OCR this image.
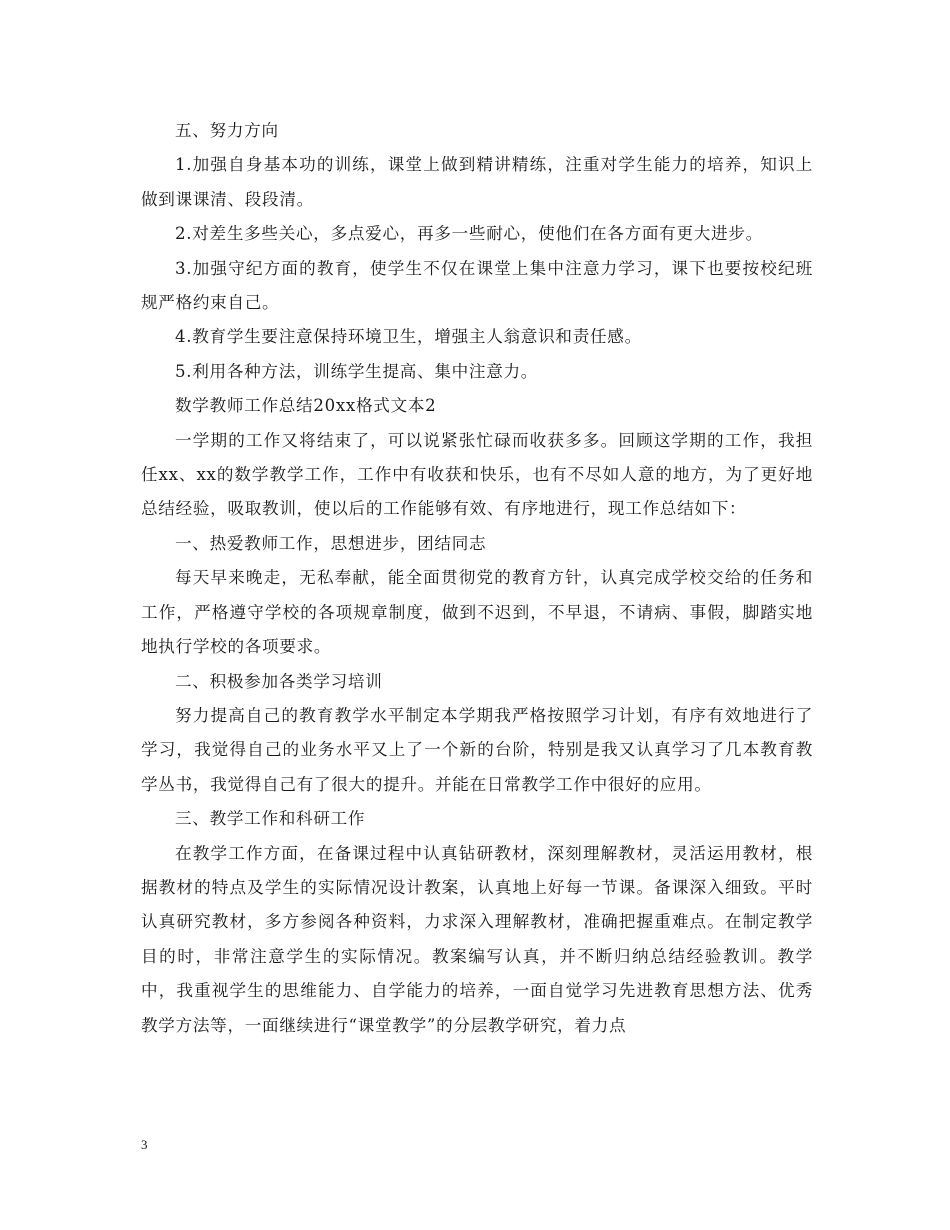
五、努力方向

1.加强自身基本功的训练，课堂上做到精讲精练，注重对学生能力的培养，知识上做到课课清、段段清。

2.对差生多些关心，多点爱心，再多一些耐心，使他们在各方面有更大进步。

3.加强守纪方面的教育，使学生不仅在课堂上集中注意力学习，课下也要按校纪班规严格约束自己。

4.教育学生要注意保持环境卫生，增强主人翁意识和责任感。

5.利用各种方法，训练学生提高、集中注意力。

数学教师工作总结20xx格式文本2

一学期的工作又将结束了，可以说紧张忙碌而收获多多。回顾这学期的工作，我担任xx、xx的数学教学工作，工作中有收获和快乐，也有不尽如人意的地方，为了更好地总结经验，吸取教训，使以后的工作能够有效、有序地进行，现工作总结如下：

一、热爱教师工作，思想进步，团结同志

每天早来晚走，无私奉献，能全面贯彻党的教育方针，认真完成学校交给的任务和工作，严格遵守学校的各项规章制度，做到不迟到，不早退，不请病、事假，脚踏实地地执行学校的各项要求。

二、积极参加各类学习培训

努力提高自己的教育教学水平制定本学期我严格按照学习计划，有序有效地进行了学习，我觉得自己的业务水平又上了一个新的台阶，特别是我又认真学习了几本教育教学丛书，我觉得自己有了很大的提升。并能在日常教学工作中很好的应用。

三、教学工作和科研工作

在教学工作方面，在备课过程中认真钻研教材，深刻理解教材，灵活运用教材，根据教材的特点及学生的实际情况设计教案，认真地上好每一节课。备课深入细致。平时认真研究教材，多方参阅各种资料，力求深入理解教材，准确把握重难点。在制定教学目的时，非常注意学生的实际情况。教案编写认真，并不断归纳总结经验教训。教学中，我重视学生的思维能力、自学能力的培养，一面自觉学习先进教育思想方法、优秀教学方法等，一面继续进行“课堂教学”的分层教学研究，着力点

3
